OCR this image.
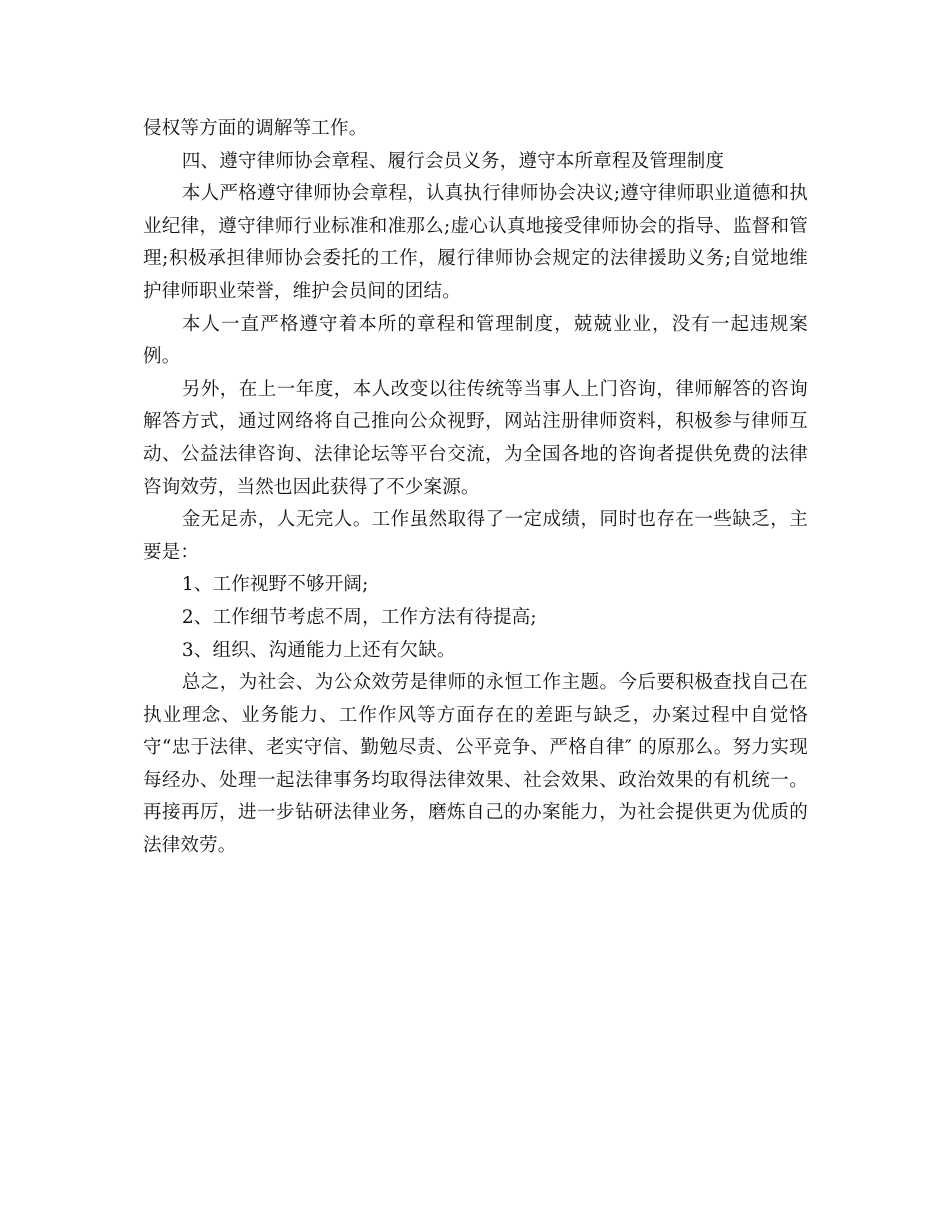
侵权等方面的调解等工作。

四、遵守律师协会章程、履行会员义务，遵守本所章程及管理制度

本人严格遵守律师协会章程，认真执行律师协会决议;遵守律师职业道德和执业纪律，遵守律师行业标准和准那么;虚心认真地接受律师协会的指导、监督和管理;积极承担律师协会委托的工作，履行律师协会规定的法律援助义务;自觉地维护律师职业荣誉，维护会员间的团结。

本人一直严格遵守着本所的章程和管理制度，兢兢业业，没有一起违规案例。

另外，在上一年度，本人改变以往传统等当事人上门咨询，律师解答的咨询解答方式，通过网络将自己推向公众视野，网站注册律师资料，积极参与律师互动、公益法律咨询、法律论坛等平台交流，为全国各地的咨询者提供免费的法律咨询效劳，当然也因此获得了不少案源。

金无足赤，人无完人。工作虽然取得了一定成绩，同时也存在一些缺乏，主要是：

1、工作视野不够开阔;

2、工作细节考虑不周，工作方法有待提高;

3、组织、沟通能力上还有欠缺。

总之，为社会、为公众效劳是律师的永恒工作主题。今后要积极查找自己在执业理念、业务能力、工作作风等方面存在的差距与缺乏，办案过程中自觉恪守“忠于法律、老实守信、勤勉尽责、公平竞争、严格自律″ 的原那么。努力实现每经办、处理一起法律事务均取得法律效果、社会效果、政治效果的有机统一。再接再厉，进一步钻研法律业务，磨炼自己的办案能力，为社会提供更为优质的法律效劳。
